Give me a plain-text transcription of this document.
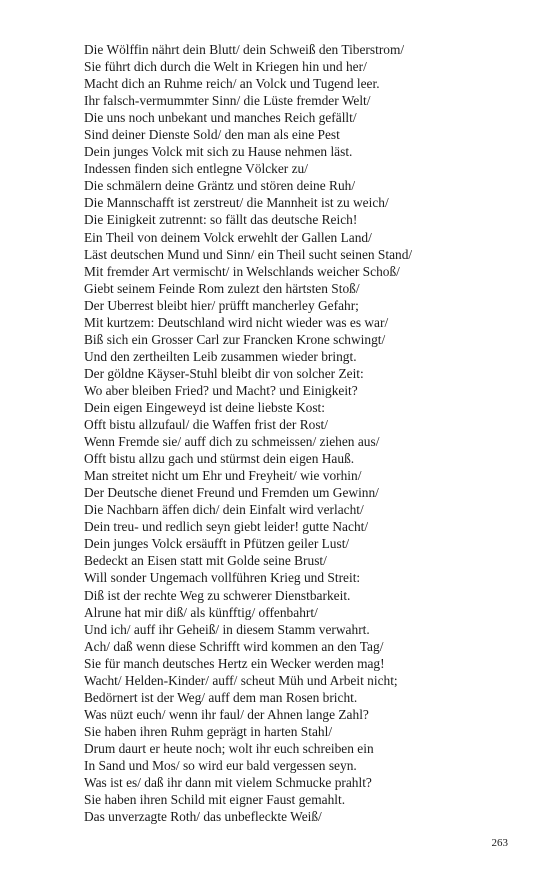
Die Wölffin nährt dein Blutt/ dein Schweiß den Tiberstrom/
Sie führt dich durch die Welt in Kriegen hin und her/
Macht dich an Ruhme reich/ an Volck und Tugend leer.
Ihr falsch-vermummter Sinn/ die Lüste fremder Welt/
Die uns noch unbekant und manches Reich gefällt/
Sind deiner Dienste Sold/ den man als eine Pest
Dein junges Volck mit sich zu Hause nehmen läst.
Indessen finden sich entlegne Völcker zu/
Die schmälern deine Gräntz und stören deine Ruh/
Die Mannschafft ist zerstreut/ die Mannheit ist zu weich/
Die Einigkeit zutrennt: so fällt das deutsche Reich!
Ein Theil von deinem Volck erwehlt der Gallen Land/
Läst deutschen Mund und Sinn/ ein Theil sucht seinen Stand/
Mit fremder Art vermischt/ in Welschlands weicher Schoß/
Giebt seinem Feinde Rom zulezt den härtsten Stoß/
Der Uberrest bleibt hier/ prüfft mancherley Gefahr;
Mit kurtzem: Deutschland wird nicht wieder was es war/
Biß sich ein Grosser Carl zur Francken Krone schwingt/
Und den zertheilten Leib zusammen wieder bringt.
Der göldne Käyser-Stuhl bleibt dir von solcher Zeit:
Wo aber bleiben Fried? und Macht? und Einigkeit?
Dein eigen Eingeweyd ist deine liebste Kost:
Offt bistu allzufaul/ die Waffen frist der Rost/
Wenn Fremde sie/ auff dich zu schmeissen/ ziehen aus/
Offt bistu allzu gach und stürmst dein eigen Hauß.
Man streitet nicht um Ehr und Freyheit/ wie vorhin/
Der Deutsche dienet Freund und Fremden um Gewinn/
Die Nachbarn äffen dich/ dein Einfalt wird verlacht/
Dein treu- und redlich seyn giebt leider! gutte Nacht/
Dein junges Volck ersäufft in Pfützen geiler Lust/
Bedeckt an Eisen statt mit Golde seine Brust/
Will sonder Ungemach vollführen Krieg und Streit:
Diß ist der rechte Weg zu schwerer Dienstbarkeit.
Alrune hat mir diß/ als künfftig/ offenbahrt/
Und ich/ auff ihr Geheiß/ in diesem Stamm verwahrt.
Ach/ daß wenn diese Schrifft wird kommen an den Tag/
Sie für manch deutsches Hertz ein Wecker werden mag!
Wacht/ Helden-Kinder/ auff/ scheut Müh und Arbeit nicht;
Bedörnert ist der Weg/ auff dem man Rosen bricht.
Was nüzt euch/ wenn ihr faul/ der Ahnen lange Zahl?
Sie haben ihren Ruhm geprägt in harten Stahl/
Drum daurt er heute noch; wolt ihr euch schreiben ein
In Sand und Mos/ so wird eur bald vergessen seyn.
Was ist es/ daß ihr dann mit vielem Schmucke prahlt?
Sie haben ihren Schild mit eigner Faust gemahlt.
Das unverzagte Roth/ das unbefleckte Weiß/
263
